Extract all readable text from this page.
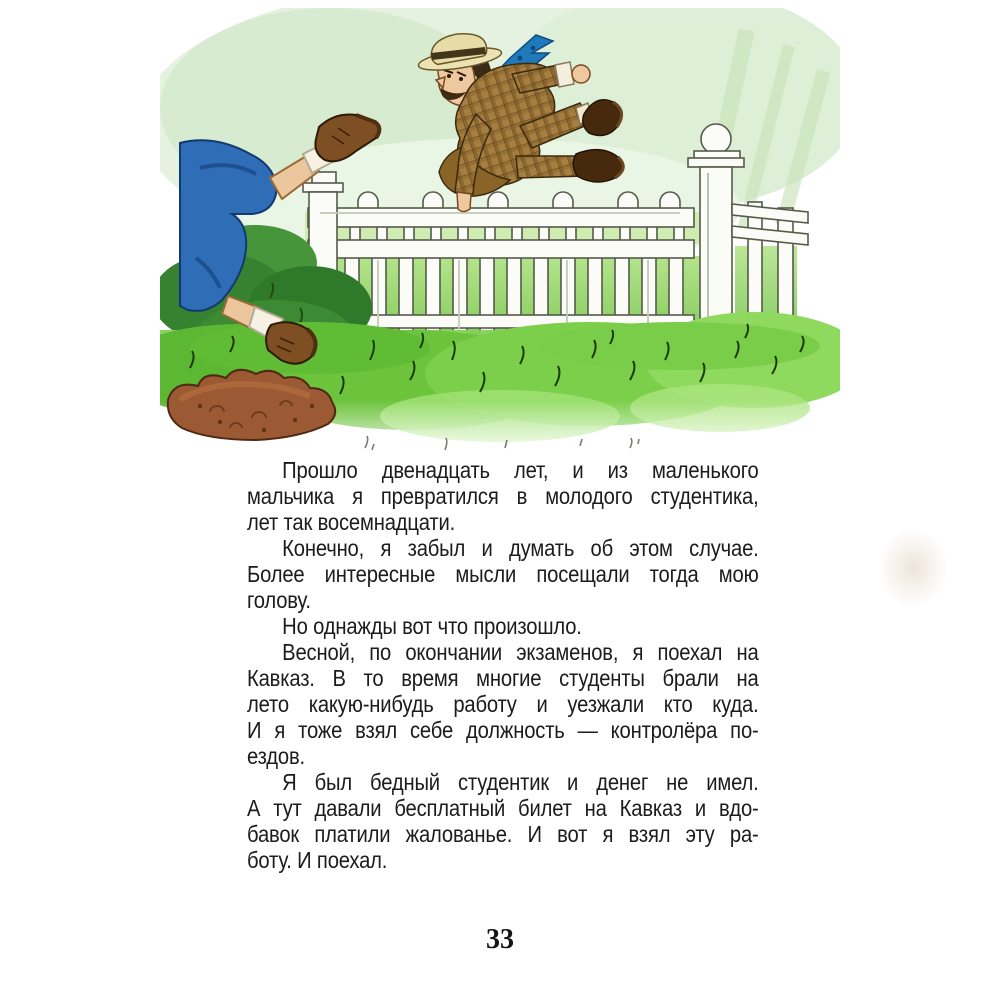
Прошло двенадцать лет, и из маленького
мальчика я превратился в молодого студентика,
лет так восемнадцати.
Конечно, я забыл и думать об этом случае.
Более интересные мысли посещали тогда мою
голову.
Но однажды вот что произошло.
Весной, по окончании экзаменов, я поехал на
Кавказ. В то время многие студенты брали на
лето какую-нибудь работу и уезжали кто куда.
И я тоже взял себе должность — контролёра по-
ездов.
Я был бедный студентик и денег не имел.
А тут давали бесплатный билет на Кавказ и вдо-
бавок платили жалованье. И вот я взял эту ра-
боту. И поехал.
33
